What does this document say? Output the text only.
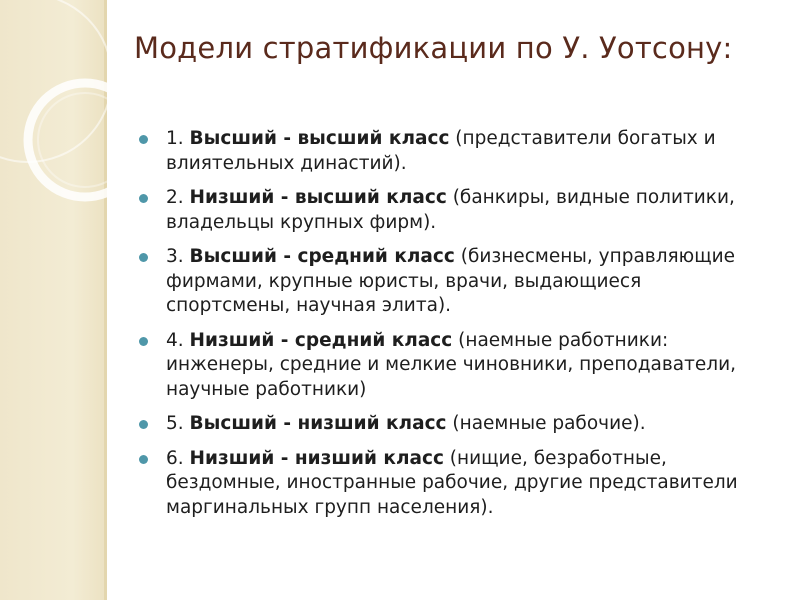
Модели стратификации по У. Уотсону:
1. Высший - высший класс (представители богатых и влиятельных династий).
2. Низший - высший класс (банкиры, видные политики, владельцы крупных фирм).
3. Высший - средний класс (бизнесмены, управляющие фирмами, крупные юристы, врачи, выдающиеся спортсмены, научная элита).
4. Низший - средний класс (наемные работники: инженеры, средние и мелкие чиновники, преподаватели, научные работники)
5. Высший - низший класс (наемные рабочие).
6. Низший - низший класс (нищие, безработные, бездомные, иностранные рабочие, другие представители маргинальных групп населения).
